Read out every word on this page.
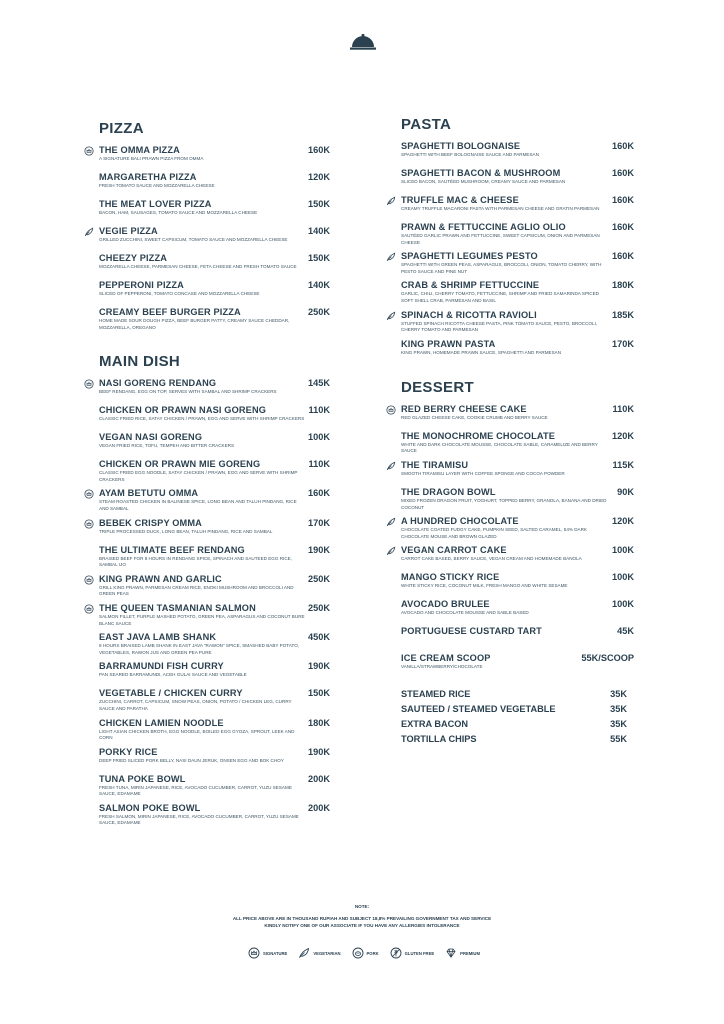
PIZZA
THE OMMA PIZZA	160K
A SIGNATURE BALI PRAWN PIZZA FROM OMMA
MARGARETHA PIZZA	120K
FRESH TOMATO SAUCE AND MOZZARELLA CHEESE
THE MEAT LOVER PIZZA	150K
BACON, HAM, SAUSAGES, TOMATO SAUCE AND MOZZARELLA CHEESE
VEGIE PIZZA	140K
GRILLED ZUCCHINI, SWEET CAPSICUM, TOMATO SAUCE AND MOZZARELLA CHEESE
CHEEZY PIZZA	150K
MOZZARELLA CHEESE, PARMESAN CHEESE, FETA CHEESE AND FRESH TOMATO SAUCE
PEPPERONI PIZZA	140K
SLICED OF PEPPERONI, TOMATO CONCASE AND MOZZARELLA CHEESE
CREAMY BEEF BURGER PIZZA	250K
HOME MADE SOUR DOUGH PIZZA, BEEF BURGER PATTY, CREAMY SAUCE CHEDDAR, MOZZARELLA, OREGANO
MAIN DISH
NASI GORENG RENDANG	145K
BEEF RENDANG, EGG ON TOP, SERVES WITH SAMBAL AND SHRIMP CRACKERS
CHICKEN OR PRAWN NASI GORENG	110K
CLASSIC FRIED RICE, SATAY CHICKEN / PRAWN, EGG AND SERVE WITH SHRIMP CRACKERS
VEGAN NASI GORENG	100K
VEGAN FRIED RICE, TOFU, TEMPEH AND BITTER CRACKERS
CHICKEN OR PRAWN MIE GORENG	110K
CLASSIC FRIED EGG NOODLE, SATAY CHICKEN / PRAWN, EGG AND SERVE WITH SHRIMP CRACKERS
AYAM BETUTU OMMA	160K
STEAM ROASTED CHICKEN IN BALINESE SPICE, LONG BEAN AND TALUH PINDANG, RICE AND SAMBAL
BEBEK CRISPY OMMA	170K
TRIPLE PROCESSED DUCK, LONG BEAN, TALUH PINDANG, RICE AND SAMBAL
THE ULTIMATE BEEF RENDANG	190K
BRAISED BEEF FOR 8 HOURS IN RENDANG SPICE, SPINACH AND SAUTEED EGG RICE, SAMBAL IJO
KING PRAWN AND GARLIC	250K
GRILL KING PRAWN, PARMESAN CREAM RICE, ENOKI MUSHROOM AND BROCCOLI AND GREEN PEAS
THE QUEEN TASMANIAN SALMON	250K
SALMON FILLET, PURPLE MASHED POTATO, GREEN PEA, ASPARAGUS AND COCONUT BURE BLANC SAUCE
EAST JAVA LAMB SHANK	450K
8 HOURS BRAISED LAMB SHANK IN EAST JAVA "RAWON" SPICE, SMASHED BABY POTATO, VEGETABLES, RAWON JUS AND GREEN PEA PURE
BARRAMUNDI FISH CURRY	190K
PAN SEARED BARRAMUNDI, ACEH GULAI SAUCE AND VEGETABLE
VEGETABLE / CHICKEN CURRY	150K
ZUCCHINI, CARROT, CAPSICUM, SNOW PEAS, ONION, POTATO / CHICKEN LEG, CURRY SAUCE AND PARATHA
CHICKEN LAMIEN NOODLE	180K
LIGHT ASIAN CHICKEN BROTH, EGG NOODLE, BOILED EGG GYOZA, SPROUT, LEEK AND CORN
PORKY RICE	190K
DEEP FRIED SLICED PORK BELLY, NASI DAUN JERUK, ONSEN EGG AND BOK CHOY
TUNA POKE BOWL	200K
FRESH TUNA, MIRIN JAPANESE, RICE, AVOCADO CUCUMBER, CARROT, YUZU SESAME SAUCE, EDAMAME
SALMON POKE BOWL	200K
FRESH SALMON, MIRIN JAPANESE, RICE, AVOCADO CUCUMBER, CARROT, YUZU SESAME SAUCE, EDAMAME
PASTA
SPAGHETTI BOLOGNAISE	160K
SPAGHETTI WITH BEEF BOLOGNAISE SAUCE AND PARMESAN
SPAGHETTI BACON & MUSHROOM	160K
SLICED BACON, SAUTÉED MUSHROOM, CREAMY SAUCE AND PARMESAN
TRUFFLE MAC & CHEESE	160K
CREAMY TRUFFLE MACARONI PASTA WITH PARMESAN CHEESE AND GRATIN PARMESAN
PRAWN & FETTUCCINE AGLIO OLIO	160K
SAUTÉED GARLIC PRAWN AND FETTUCCINE, SWEET CAPSICUM, ONION AND PARMESAN CHEESE
SPAGHETTI LEGUMES PESTO	160K
SPAGHETTI WITH GREEN PEAS, ASPARAGUS, BROCCOLI, ONION, TOMATO CHERRY, WITH PESTO SAUCE AND PINE NUT
CRAB & SHRIMP FETTUCCINE	180K
GARLIC, CHILI, CHERRY TOMATO, FETTUCCINE, SHRIMP AND FRIED SAMARINDA SPICED SOFT SHELL CRAB, PARMESAN AND BASIL
SPINACH & RICOTTA RAVIOLI	185K
STUFFED SPINACH RICOTTA CHEESE PASTA, PINK TOMATO SAUCE, PESTO, BROCCOLI, CHERRY TOMATO AND PARMESAN
KING PRAWN PASTA	170K
KING PRAWN, HOMEMADE PRAWN SAUCE, SPAGHETTI AND PARMESAN
DESSERT
RED BERRY CHEESE CAKE	110K
RED GLAZED CHEESE CAKE, COOKIE CRUMB AND BERRY SAUCE
THE MONOCHROME CHOCOLATE	120K
WHITE AND DARK CHOCOLATE MOUSSE, CHOCOLATE SABLE, CARAMELIZE AND BERRY SAUCE
THE TIRAMISU	115K
SMOOTH TIRAMISU LAYER WITH COFFEE SPONGE AND COCOA POWDER
THE DRAGON BOWL	90K
MIXED FROZEN DRAGON FRUIT, YOGHURT, TOPPED BERRY, GRANOLA, BANANA AND DRIED COCONUT
A HUNDRED CHOCOLATE	120K
CHOCOLATE COATED FUDGY CAKE, PUMPKIN SEED, SALTED CARAMEL, 54% DARK CHOCOLATE MOUSE AND BROWN GLAZED
VEGAN CARROT CAKE	100K
CARROT CAKE BASED, BERRY SAUCE, VEGAN CREAM AND HOMEMADE BANOLA
MANGO STICKY RICE	100K
WHITE STICKY RICE, COCONUT MILK, FRESH MANGO AND WHITE SESAME
AVOCADO BRULEE	100K
AVOCADO AND CHOCOLATE MOUSSE AND SABLE BASED
PORTUGUESE CUSTARD TART	45K
ICE CREAM SCOOP	55K/SCOOP
VANILLA/STRAWBERRY/CHOCOLATE
STEAMED RICE	35K
SAUTEED / STEAMED VEGETABLE	35K
EXTRA BACON	35K
TORTILLA CHIPS	55K
NOTE:
ALL PRICE ABOVE ARE IN THOUSAND RUPIAH AND SUBJECT 18,8% PREVAILING GOVERNMENT TAX AND SERVICE
KINDLY NOTIFY ONE OF OUR ASSOCIATE IF YOU HAVE ANY ALLERGIES INTOLERANCE
SIGNATURE	VEGETARIAN	PORK	GLUTEN FREE	PREMIUM
